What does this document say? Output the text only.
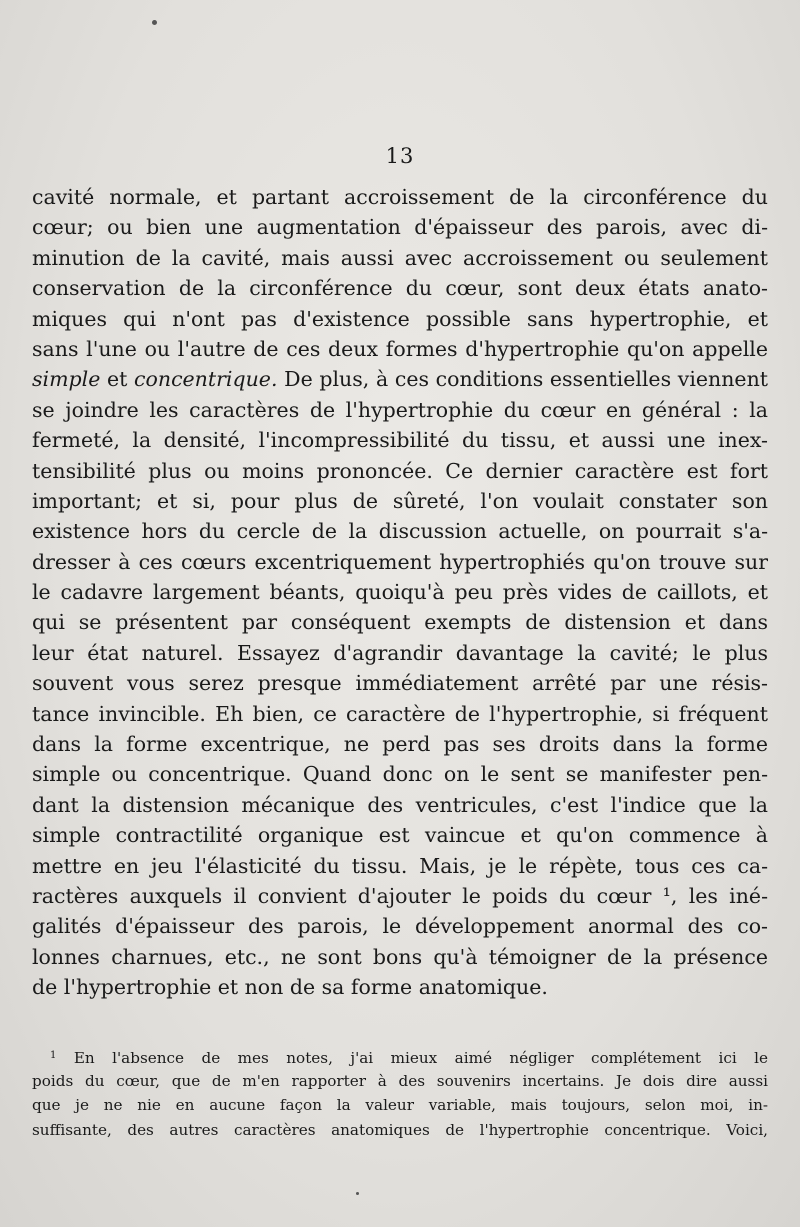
13
cavité normale, et partant accroissement de la circonférence du
cœur; ou bien une augmentation d'épaisseur des parois, avec di-
minution de la cavité, mais aussi avec accroissement ou seulement
conservation de la circonférence du cœur, sont deux états anato-
miques qui n'ont pas d'existence possible sans hypertrophie, et
sans l'une ou l'autre de ces deux formes d'hypertrophie qu'on appelle
simple et concentrique. De plus, à ces conditions essentielles viennent
se joindre les caractères de l'hypertrophie du cœur en général : la
fermeté, la densité, l'incompressibilité du tissu, et aussi une inex-
tensibilité plus ou moins prononcée. Ce dernier caractère est fort
important; et si, pour plus de sûreté, l'on voulait constater son
existence hors du cercle de la discussion actuelle, on pourrait s'a-
dresser à ces cœurs excentriquement hypertrophiés qu'on trouve sur
le cadavre largement béants, quoiqu'à peu près vides de caillots, et
qui se présentent par conséquent exempts de distension et dans
leur état naturel. Essayez d'agrandir davantage la cavité; le plus
souvent vous serez presque immédiatement arrêté par une résis-
tance invincible. Eh bien, ce caractère de l'hypertrophie, si fréquent
dans la forme excentrique, ne perd pas ses droits dans la forme
simple ou concentrique. Quand donc on le sent se manifester pen-
dant la distension mécanique des ventricules, c'est l'indice que la
simple contractilité organique est vaincue et qu'on commence à
mettre en jeu l'élasticité du tissu. Mais, je le répète, tous ces ca-
ractères auxquels il convient d'ajouter le poids du cœur ¹, les iné-
galités d'épaisseur des parois, le développement anormal des co-
lonnes charnues, etc., ne sont bons qu'à témoigner de la présence
de l'hypertrophie et non de sa forme anatomique.
$^1$ En l'absence de mes notes, j'ai mieux aimé négliger complétement ici le
poids du cœur, que de m'en rapporter à des souvenirs incertains. Je dois dire aussi
que je ne nie en aucune façon la valeur variable, mais toujours, selon moi, in-
suffisante, des autres caractères anatomiques de l'hypertrophie concentrique. Voici,
